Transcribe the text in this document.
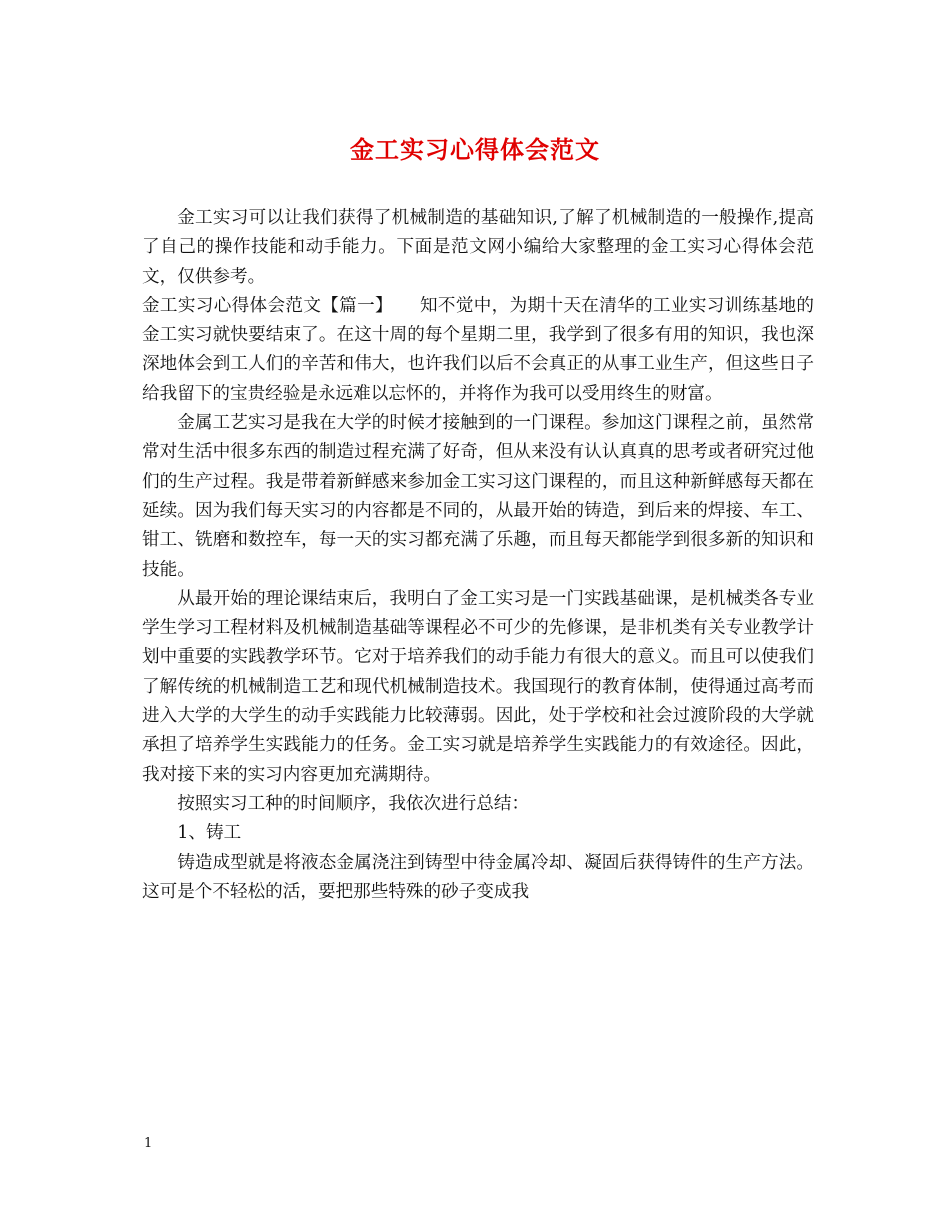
金工实习心得体会范文

金工实习可以让我们获得了机械制造的基础知识,了解了机械制造的一般操作,提高了自己的操作技能和动手能力。下面是范文网小编给大家整理的金工实习心得体会范文，仅供参考。

金工实习心得体会范文【篇一】　　知不觉中，为期十天在清华的工业实习训练基地的金工实习就快要结束了。在这十周的每个星期二里，我学到了很多有用的知识，我也深深地体会到工人们的辛苦和伟大，也许我们以后不会真正的从事工业生产，但这些日子给我留下的宝贵经验是永远难以忘怀的，并将作为我可以受用终生的财富。

金属工艺实习是我在大学的时候才接触到的一门课程。参加这门课程之前，虽然常常对生活中很多东西的制造过程充满了好奇，但从来没有认认真真的思考或者研究过他们的生产过程。我是带着新鲜感来参加金工实习这门课程的，而且这种新鲜感每天都在延续。因为我们每天实习的内容都是不同的，从最开始的铸造，到后来的焊接、车工、钳工、铣磨和数控车，每一天的实习都充满了乐趣，而且每天都能学到很多新的知识和技能。

从最开始的理论课结束后，我明白了金工实习是一门实践基础课，是机械类各专业学生学习工程材料及机械制造基础等课程必不可少的先修课，是非机类有关专业教学计划中重要的实践教学环节。它对于培养我们的动手能力有很大的意义。而且可以使我们了解传统的机械制造工艺和现代机械制造技术。我国现行的教育体制，使得通过高考而进入大学的大学生的动手实践能力比较薄弱。因此，处于学校和社会过渡阶段的大学就承担了培养学生实践能力的任务。金工实习就是培养学生实践能力的有效途径。因此，我对接下来的实习内容更加充满期待。

按照实习工种的时间顺序，我依次进行总结：

1、铸工

铸造成型就是将液态金属浇注到铸型中待金属冷却、凝固后获得铸件的生产方法。这可是个不轻松的活，要把那些特殊的砂子变成我

1
